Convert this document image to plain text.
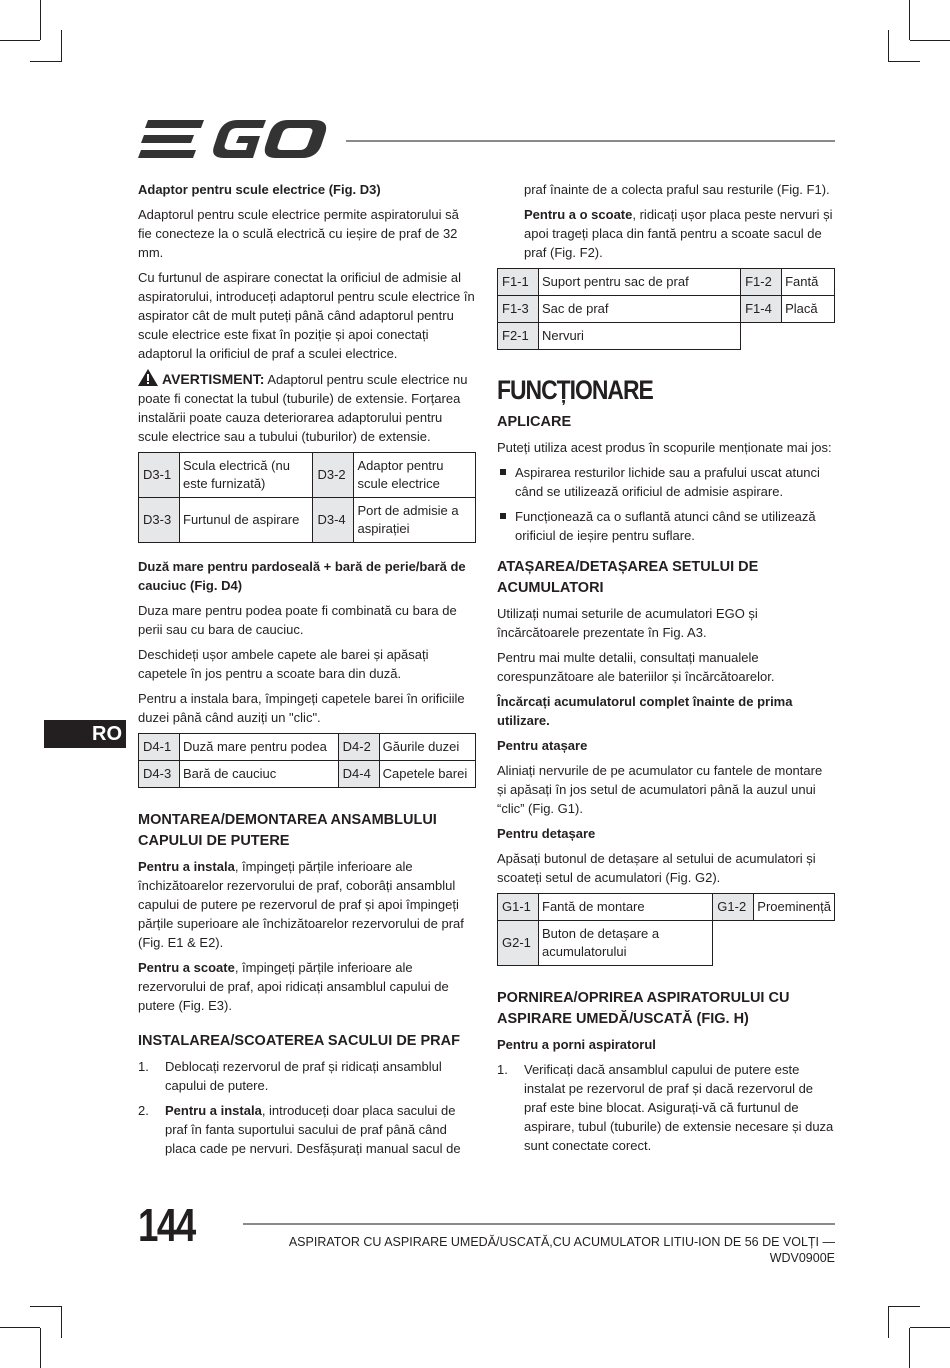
RO

Adaptor pentru scule electrice (Fig. D3)

Adaptorul pentru scule electrice permite aspiratorului să fie conecteze la o sculă electrică cu ieșire de praf de 32 mm.

Cu furtunul de aspirare conectat la orificiul de admisie al aspiratorului, introduceți adaptorul pentru scule electrice în aspirator cât de mult puteți până când adaptorul pentru scule electrice este fixat în poziție și apoi conectați adaptorul la orificiul de praf a sculei electrice.

AVERTISMENT: Adaptorul pentru scule electrice nu poate fi conectat la tubul (tuburile) de extensie. Forțarea instalării poate cauza deteriorarea adaptorului pentru scule electrice sau a tubului (tuburilor) de extensie.

D3-1	Scula electrică (nu este furnizată)	D3-2	Adaptor pentru scule electrice
D3-3	Furtunul de aspirare	D3-4	Port de admisie a aspirației

Duză mare pentru pardoseală + bară de perie/bară de cauciuc (Fig. D4)

Duza mare pentru podea poate fi combinată cu bara de perii sau cu bara de cauciuc.

Deschideți ușor ambele capete ale barei și apăsați capetele în jos pentru a scoate bara din duză.

Pentru a instala bara, împingeți capetele barei în orificiile duzei până când auziți un "clic".

D4-1	Duză mare pentru podea	D4-2	Găurile duzei
D4-3	Bară de cauciuc	D4-4	Capetele barei
MONTAREA/DEMONTAREA ANSAMBLULUI CAPULUI DE PUTERE

Pentru a instala, împingeți părțile inferioare ale închizătoarelor rezervorului de praf, coborâți ansamblul capului de putere pe rezervorul de praf și apoi împingeți părțile superioare ale închizătoarelor rezervorului de praf (Fig. E1 & E2).

Pentru a scoate, împingeți părțile inferioare ale rezervorului de praf, apoi ridicați ansamblul capului de putere (Fig. E3).

INSTALAREA/SCOATEREA SACULUI DE PRAF
1. Deblocați rezervorul de praf și ridicați ansamblul capului de putere.
2. Pentru a instala, introduceți doar placa sacului de praf în fanta suportului sacului de praf până când placa cade pe nervuri. Desfășurați manual sacul de

praf înainte de a colecta praful sau resturile (Fig. F1).

Pentru a o scoate, ridicați ușor placa peste nervuri și apoi trageți placa din fantă pentru a scoate sacul de praf (Fig. F2).

F1-1	Suport pentru sac de praf	F1-2	Fantă
F1-3	Sac de praf	F1-4	Placă
F2-1	Nervuri		
FUNCȚIONARE
APLICARE

Puteți utiliza acest produs în scopurile menționate mai jos:

Aspirarea resturilor lichide sau a prafului uscat atunci când se utilizează orificiul de admisie aspirare.
Funcționează ca o suflantă atunci când se utilizează orificiul de ieșire pentru suflare.
ATAȘAREA/DETAȘAREA SETULUI DE ACUMULATORI

Utilizați numai seturile de acumulatori EGO și încărcătoarele prezentate în Fig. A3.

Pentru mai multe detalii, consultați manualele corespunzătoare ale bateriilor și încărcătoarelor.

Încărcați acumulatorul complet înainte de prima utilizare.

Pentru atașare

Aliniați nervurile de pe acumulator cu fantele de montare și apăsați în jos setul de acumulatori până la auzul unui “clic” (Fig. G1).

Pentru detașare

Apăsați butonul de detașare al setului de acumulatori și scoateți setul de acumulatori (Fig. G2).

G1-1	Fantă de montare	G1-2	Proeminență
G2-1	Buton de detașare a acumulatorului		
PORNIREA/OPRIREA ASPIRATORULUI CU ASPIRARE UMEDĂ/USCATĂ (FIG. H)

Pentru a porni aspiratorul

1. Verificați dacă ansamblul capului de putere este instalat pe rezervorul de praf și dacă rezervorul de praf este bine blocat. Asigurați-vă că furtunul de aspirare, tubul (tuburile) de extensie necesare și duza sunt conectate corect.
144	ASPIRATOR CU ASPIRARE UMEDĂ/USCATĂ,CU ACUMULATOR LITIU-ION DE 56 DE VOLȚI — WDV0900E
